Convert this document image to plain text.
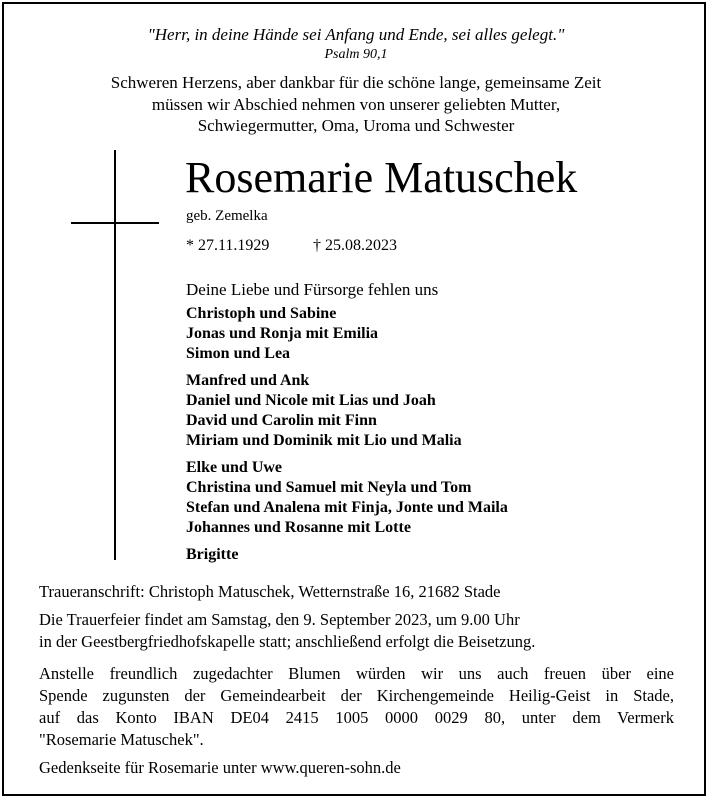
"Herr, in deine Hände sei Anfang und Ende, sei alles gelegt."
Psalm 90,1
Schweren Herzens, aber dankbar für die schöne lange, gemeinsame Zeit
müssen wir Abschied nehmen von unserer geliebten Mutter,
Schwiegermutter, Oma, Uroma und Schwester
Rosemarie Matuschek
geb. Zemelka
* 27.11.1929	† 25.08.2023
Deine Liebe und Fürsorge fehlen uns
Christoph und Sabine
Jonas und Ronja mit Emilia
Simon und Lea
Manfred und Ank
Daniel und Nicole mit Lias und Joah
David und Carolin mit Finn
Miriam und Dominik mit Lio und Malia
Elke und Uwe
Christina und Samuel mit Neyla und Tom
Stefan und Analena mit Finja, Jonte und Maila
Johannes und Rosanne mit Lotte
Brigitte
Traueranschrift: Christoph Matuschek, Wetternstraße 16, 21682 Stade
Die Trauerfeier findet am Samstag, den 9. September 2023, um 9.00 Uhr
in der Geestbergfriedhofskapelle statt; anschließend erfolgt die Beisetzung.
Anstelle freundlich zugedachter Blumen würden wir uns auch freuen über eine
Spende zugunsten der Gemeindearbeit der Kirchengemeinde Heilig-Geist in Stade,
auf das Konto IBAN DE04 2415 1005 0000 0029 80, unter dem Vermerk
"Rosemarie Matuschek".
Gedenkseite für Rosemarie unter www.queren-sohn.de
